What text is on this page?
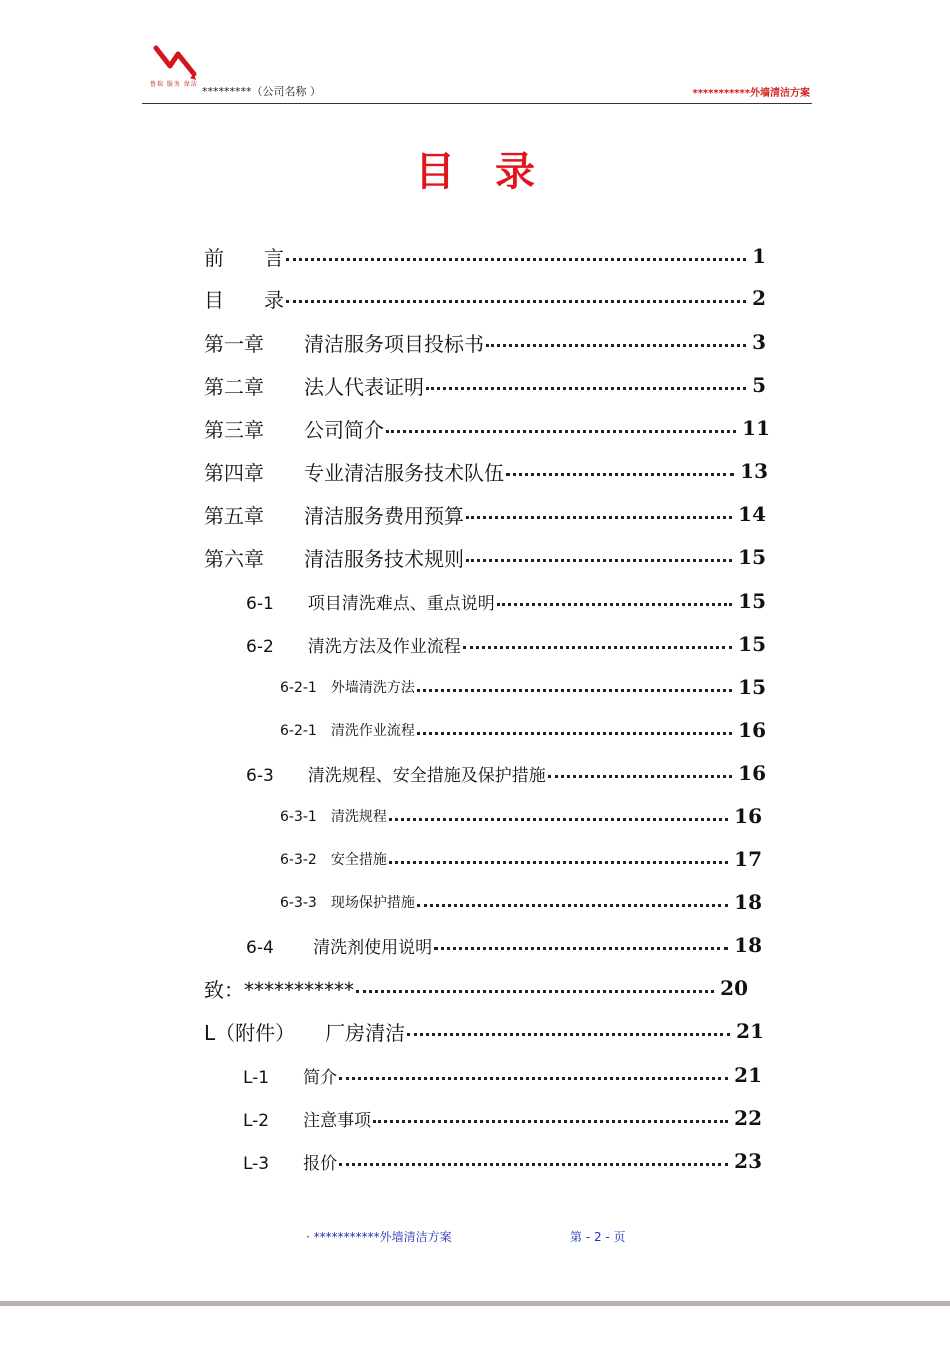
鲁瑞 服务 保洁
*********（公司名称 ）	***********外墙清洁方案
目录
前　　言	1
目　　录	2
第一章　　清洁服务项目投标书	3
第二章　　法人代表证明	5
第三章　　公司简介	11
第四章　　专业清洁服务技术队伍	13
第五章　　清洁服务费用预算	14
第六章　　清洁服务技术规则	15
6-1　　项目清洗难点、重点说明	15
6-2　　清洗方法及作业流程	15
6-2-1　外墙清洗方法	15
6-2-1　清洗作业流程	16
6-3　　清洗规程、安全措施及保护措施	16
6-3-1　清洗规程	16
6-3-2　安全措施	17
6-3-3　现场保护措施	18
6-4　　 清洗剂使用说明	18
致：***********	20
L（附件）　　厂房清洁	21
L-1　　简介	21
L-2　　注意事项	22
L-3　　报价	23
· ***********外墙清洁方案	第 - 2 - 页
